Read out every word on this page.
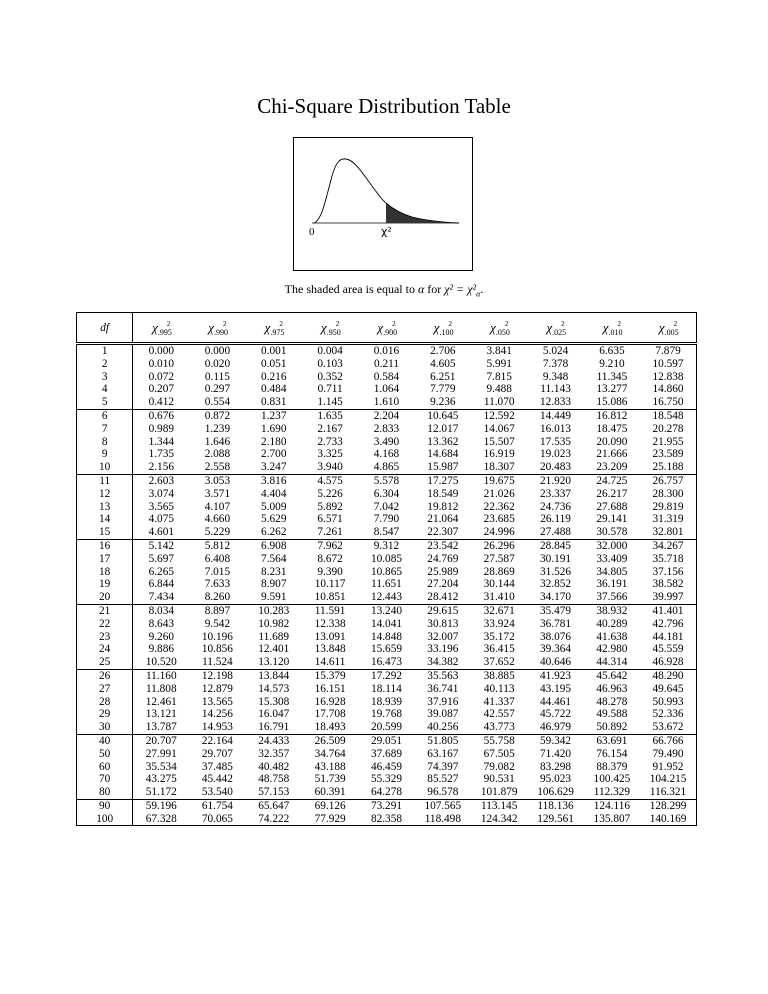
Chi-Square Distribution Table
0	χ²
The shaded area is equal to α for $\chi^2 = \chi^2_\alpha$.
df	$\chi_{.995}^2$	$\chi_{.990}^2$	$\chi_{.975}^2$	$\chi_{.950}^2$	$\chi_{.900}^2$	$\chi_{.100}^2$	$\chi_{.050}^2$	$\chi_{.025}^2$	$\chi_{.010}^2$	$\chi_{.005}^2$
1	0.000	0.000	0.001	0.004	0.016	2.706	3.841	5.024	6.635	7.879
2	0.010	0.020	0.051	0.103	0.211	4.605	5.991	7.378	9.210	10.597
3	0.072	0.115	0.216	0.352	0.584	6.251	7.815	9.348	11.345	12.838
4	0.207	0.297	0.484	0.711	1.064	7.779	9.488	11.143	13.277	14.860
5	0.412	0.554	0.831	1.145	1.610	9.236	11.070	12.833	15.086	16.750
6	0.676	0.872	1.237	1.635	2.204	10.645	12.592	14.449	16.812	18.548
7	0.989	1.239	1.690	2.167	2.833	12.017	14.067	16.013	18.475	20.278
8	1.344	1.646	2.180	2.733	3.490	13.362	15.507	17.535	20.090	21.955
9	1.735	2.088	2.700	3.325	4.168	14.684	16.919	19.023	21.666	23.589
10	2.156	2.558	3.247	3.940	4.865	15.987	18.307	20.483	23.209	25.188
11	2.603	3.053	3.816	4.575	5.578	17.275	19.675	21.920	24.725	26.757
12	3.074	3.571	4.404	5.226	6.304	18.549	21.026	23.337	26.217	28.300
13	3.565	4.107	5.009	5.892	7.042	19.812	22.362	24.736	27.688	29.819
14	4.075	4.660	5.629	6.571	7.790	21.064	23.685	26.119	29.141	31.319
15	4.601	5.229	6.262	7.261	8.547	22.307	24.996	27.488	30.578	32.801
16	5.142	5.812	6.908	7.962	9.312	23.542	26.296	28.845	32.000	34.267
17	5.697	6.408	7.564	8.672	10.085	24.769	27.587	30.191	33.409	35.718
18	6.265	7.015	8.231	9.390	10.865	25.989	28.869	31.526	34.805	37.156
19	6.844	7.633	8.907	10.117	11.651	27.204	30.144	32.852	36.191	38.582
20	7.434	8.260	9.591	10.851	12.443	28.412	31.410	34.170	37.566	39.997
21	8.034	8.897	10.283	11.591	13.240	29.615	32.671	35.479	38.932	41.401
22	8.643	9.542	10.982	12.338	14.041	30.813	33.924	36.781	40.289	42.796
23	9.260	10.196	11.689	13.091	14.848	32.007	35.172	38.076	41.638	44.181
24	9.886	10.856	12.401	13.848	15.659	33.196	36.415	39.364	42.980	45.559
25	10.520	11.524	13.120	14.611	16.473	34.382	37.652	40.646	44.314	46.928
26	11.160	12.198	13.844	15.379	17.292	35.563	38.885	41.923	45.642	48.290
27	11.808	12.879	14.573	16.151	18.114	36.741	40.113	43.195	46.963	49.645
28	12.461	13.565	15.308	16.928	18.939	37.916	41.337	44.461	48.278	50.993
29	13.121	14.256	16.047	17.708	19.768	39.087	42.557	45.722	49.588	52.336
30	13.787	14.953	16.791	18.493	20.599	40.256	43.773	46.979	50.892	53.672
40	20.707	22.164	24.433	26.509	29.051	51.805	55.758	59.342	63.691	66.766
50	27.991	29.707	32.357	34.764	37.689	63.167	67.505	71.420	76.154	79.490
60	35.534	37.485	40.482	43.188	46.459	74.397	79.082	83.298	88.379	91.952
70	43.275	45.442	48.758	51.739	55.329	85.527	90.531	95.023	100.425	104.215
80	51.172	53.540	57.153	60.391	64.278	96.578	101.879	106.629	112.329	116.321
90	59.196	61.754	65.647	69.126	73.291	107.565	113.145	118.136	124.116	128.299
100	67.328	70.065	74.222	77.929	82.358	118.498	124.342	129.561	135.807	140.169
